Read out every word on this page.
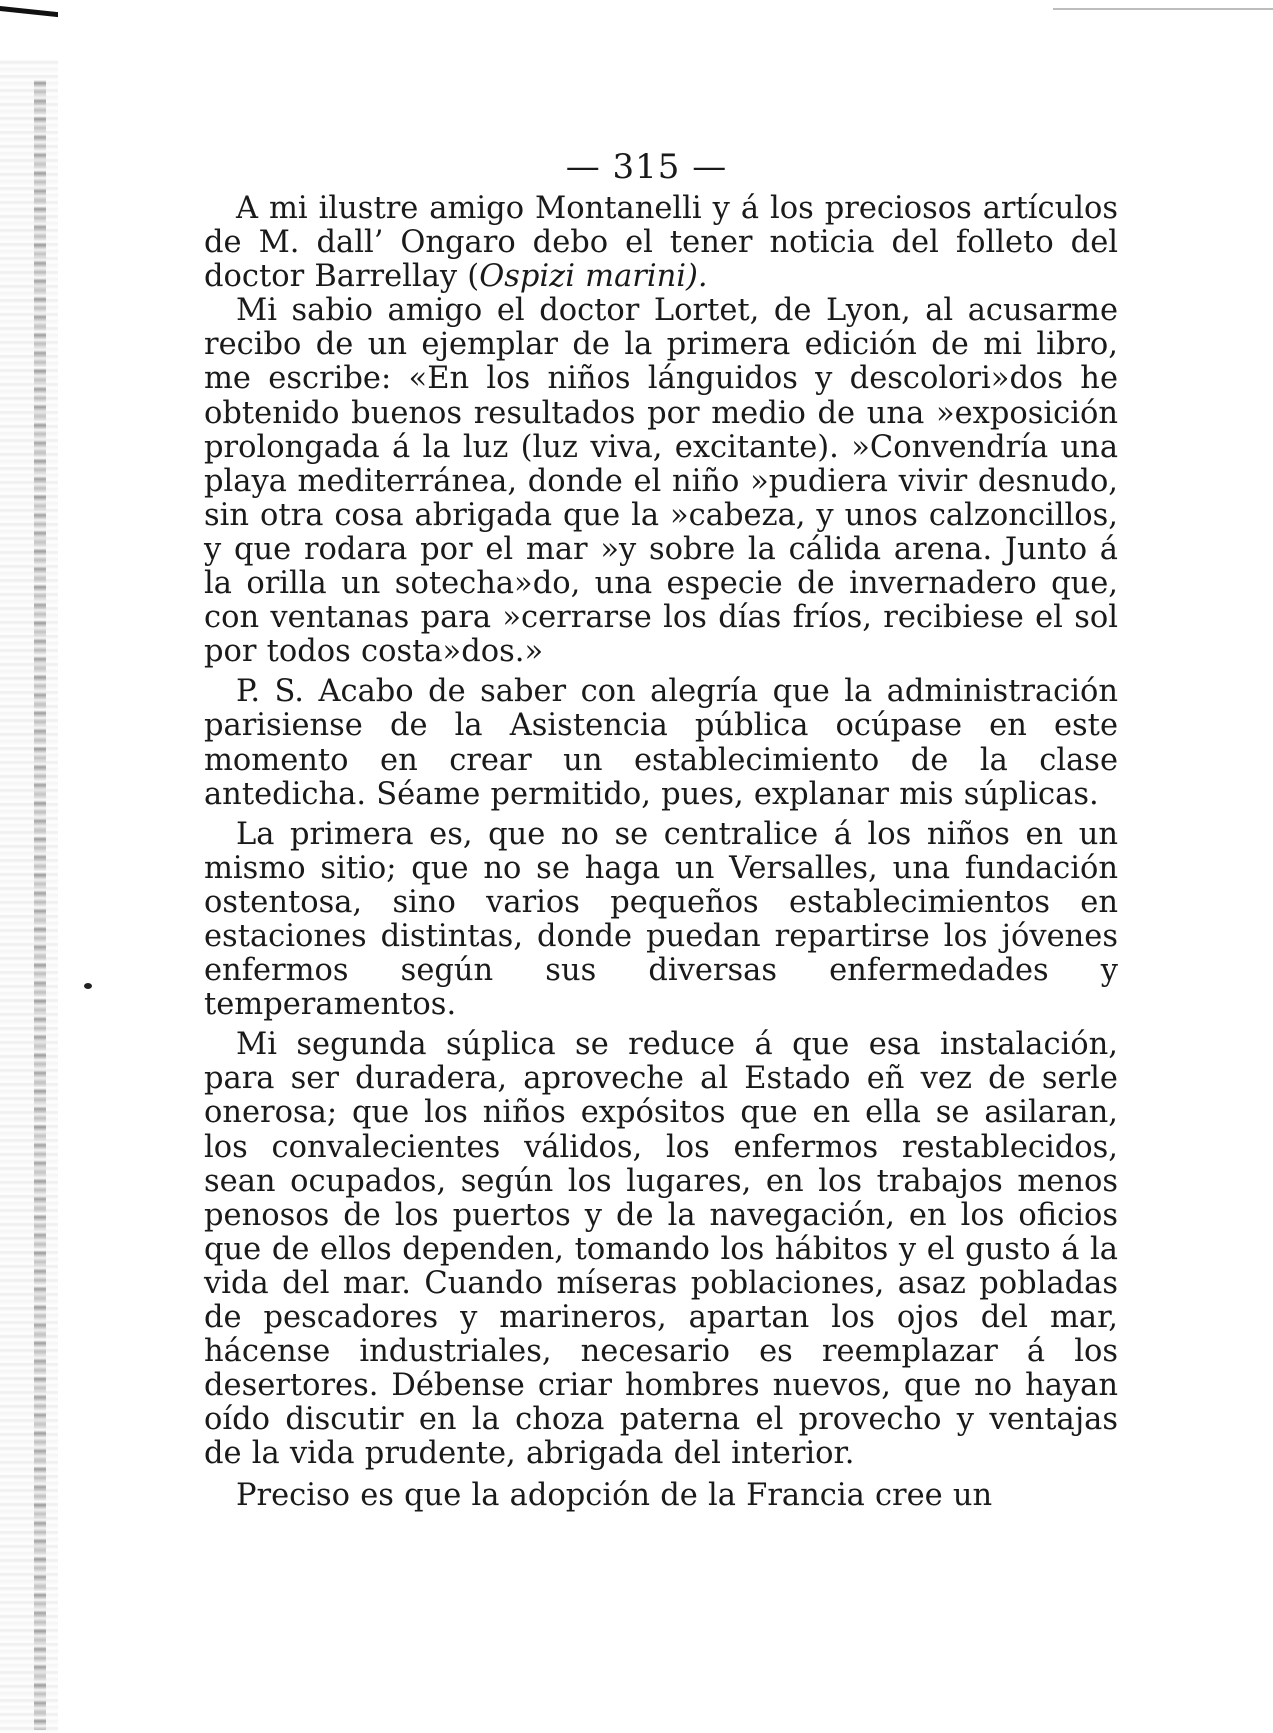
— 315 —

A mi ilustre amigo Montanelli y á los preciosos artículos de M. dall’ Ongaro debo el tener noticia del folleto del doctor Barrellay (Ospizi marini).

Mi sabio amigo el doctor Lortet, de Lyon, al acusarme recibo de un ejemplar de la primera edición de mi libro, me escribe: «En los niños lánguidos y descolori»dos he obtenido buenos resultados por medio de una »exposición prolongada á la luz (luz viva, excitante). »Convendría una playa mediterránea, donde el niño »pudiera vivir desnudo, sin otra cosa abrigada que la »cabeza, y unos calzoncillos, y que rodara por el mar »y sobre la cálida arena. Junto á la orilla un sotecha»do, una especie de invernadero que, con ventanas para »cerrarse los días fríos, recibiese el sol por todos costa»dos.»

P. S. Acabo de saber con alegría que la administración parisiense de la Asistencia pública ocúpase en este momento en crear un establecimiento de la clase antedicha. Séame permitido, pues, explanar mis súplicas.

La primera es, que no se centralice á los niños en un mismo sitio; que no se haga un Versalles, una fundación ostentosa, sino varios pequeños establecimientos en estaciones distintas, donde puedan repartirse los jóvenes enfermos según sus diversas enfermedades y temperamentos.

Mi segunda súplica se reduce á que esa instalación, para ser duradera, aproveche al Estado eñ vez de serle onerosa; que los niños expósitos que en ella se asilaran, los convalecientes válidos, los enfermos restablecidos, sean ocupados, según los lugares, en los trabajos menos penosos de los puertos y de la navegación, en los oficios que de ellos dependen, tomando los hábitos y el gusto á la vida del mar. Cuando míseras poblaciones, asaz pobladas de pescadores y marineros, apartan los ojos del mar, hácense industriales, necesario es reemplazar á los desertores. Débense criar hombres nuevos, que no hayan oído discutir en la choza paterna el provecho y ventajas de la vida prudente, abrigada del interior.

Preciso es que la adopción de la Francia cree un
